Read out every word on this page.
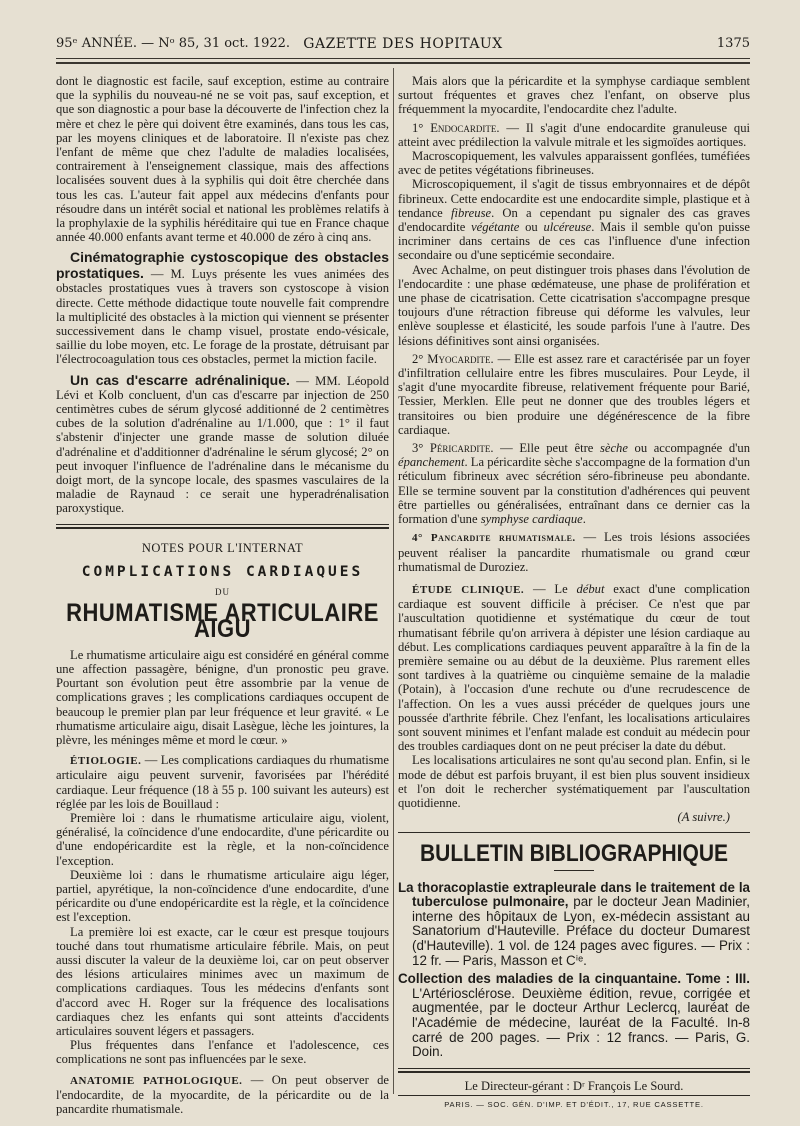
95ᵉ ANNÉE. — Nᵒ 85, 31 oct. 1922. GAZETTE DES HOPITAUX	1375

dont le diagnostic est facile, sauf exception, estime au contraire que la syphilis du nouveau-né ne se voit pas, sauf exception, et que son diagnostic a pour base la découverte de l'infection chez la mère et chez le père qui doivent être examinés, dans tous les cas, par les moyens cliniques et de laboratoire. Il n'existe pas chez l'enfant de même que chez l'adulte de maladies localisées, contrairement à l'enseignement classique, mais des affections localisées souvent dues à la syphilis qui doit être cherchée dans tous les cas. L'auteur fait appel aux médecins d'enfants pour résoudre dans un intérêt social et national les problèmes relatifs à la prophylaxie de la syphilis héréditaire qui tue en France chaque année 40.000 enfants avant terme et 40.000 de zéro à cinq ans.

Cinématographie cystoscopique des obstacles prostatiques. — M. Luys présente les vues animées des obstacles prostatiques vues à travers son cystoscope à vision directe. Cette méthode didactique toute nouvelle fait comprendre la multiplicité des obstacles à la miction qui viennent se présenter successivement dans le champ visuel, prostate endo-vésicale, saillie du lobe moyen, etc. Le forage de la prostate, détruisant par l'électrocoagulation tous ces obstacles, permet la miction facile.

Un cas d'escarre adrénalinique. — MM. Léopold Lévi et Kolb concluent, d'un cas d'escarre par injection de 250 centimètres cubes de sérum glycosé additionné de 2 centimètres cubes de la solution d'adrénaline au 1/1.000, que : 1° il faut s'abstenir d'injecter une grande masse de solution diluée d'adrénaline et d'additionner d'adrénaline le sérum glycosé; 2° on peut invoquer l'influence de l'adrénaline dans le mécanisme du doigt mort, de la syncope locale, des spasmes vasculaires de la maladie de Raynaud : ce serait une hyperadrénalisation paroxystique.

NOTES POUR L'INTERNAT
COMPLICATIONS CARDIAQUES
DU
RHUMATISME ARTICULAIRE AIGU

Le rhumatisme articulaire aigu est considéré en général comme une affection passagère, bénigne, d'un pronostic peu grave. Pourtant son évolution peut être assombrie par la venue de complications graves ; les complications cardiaques occupent de beaucoup le premier plan par leur fréquence et leur gravité. « Le rhumatisme articulaire aigu, disait Lasègue, lèche les jointures, la plèvre, les méninges même et mord le cœur. »

ÉTIOLOGIE. — Les complications cardiaques du rhumatisme articulaire aigu peuvent survenir, favorisées par l'hérédité cardiaque. Leur fréquence (18 à 55 p. 100 suivant les auteurs) est réglée par les lois de Bouillaud :

Première loi : dans le rhumatisme articulaire aigu, violent, généralisé, la coïncidence d'une endocardite, d'une péricardite ou d'une endopéricardite est la règle, et la non-coïncidence l'exception.

Deuxième loi : dans le rhumatisme articulaire aigu léger, partiel, apyrétique, la non-coïncidence d'une endocardite, d'une péricardite ou d'une endopéricardite est la règle, et la coïncidence est l'exception.

La première loi est exacte, car le cœur est presque toujours touché dans tout rhumatisme articulaire fébrile. Mais, on peut aussi discuter la valeur de la deuxième loi, car on peut observer des lésions articulaires minimes avec un maximum de complications cardiaques. Tous les médecins d'enfants sont d'accord avec H. Roger sur la fréquence des localisations cardiaques chez les enfants qui sont atteints d'accidents articulaires souvent légers et passagers.

Plus fréquentes dans l'enfance et l'adolescence, ces complications ne sont pas influencées par le sexe.

ANATOMIE PATHOLOGIQUE. — On peut observer de l'endocardite, de la myocardite, de la péricardite ou de la pancardite rhumatismale.

Mais alors que la péricardite et la symphyse cardiaque semblent surtout fréquentes et graves chez l'enfant, on observe plus fréquemment la myocardite, l'endocardite chez l'adulte.

1° Endocardite. — Il s'agit d'une endocardite granuleuse qui atteint avec prédilection la valvule mitrale et les sigmoïdes aortiques.

Macroscopiquement, les valvules apparaissent gonflées, tuméfiées avec de petites végétations fibrineuses.

Microscopiquement, il s'agit de tissus embryonnaires et de dépôt fibrineux. Cette endocardite est une endocardite simple, plastique et à tendance fibreuse. On a cependant pu signaler des cas graves d'endocardite végétante ou ulcéreuse. Mais il semble qu'on puisse incriminer dans certains de ces cas l'influence d'une infection secondaire ou d'une septicémie secondaire.

Avec Achalme, on peut distinguer trois phases dans l'évolution de l'endocardite : une phase œdémateuse, une phase de prolifération et une phase de cicatrisation. Cette cicatrisation s'accompagne presque toujours d'une rétraction fibreuse qui déforme les valvules, leur enlève souplesse et élasticité, les soude parfois l'une à l'autre. Des lésions définitives sont ainsi organisées.

2° Myocardite. — Elle est assez rare et caractérisée par un foyer d'infiltration cellulaire entre les fibres musculaires. Pour Leyde, il s'agit d'une myocardite fibreuse, relativement fréquente pour Barié, Tessier, Merklen. Elle peut ne donner que des troubles légers et transitoires ou bien produire une dégénérescence de la fibre cardiaque.

3° Péricardite. — Elle peut être sèche ou accompagnée d'un épanchement. La péricardite sèche s'accompagne de la formation d'un réticulum fibrineux avec sécrétion séro-fibrineuse peu abondante. Elle se termine souvent par la constitution d'adhérences qui peuvent être partielles ou généralisées, entraînant dans ce dernier cas la formation d'une symphyse cardiaque.

4° Pancardite rhumatismale. — Les trois lésions associées peuvent réaliser la pancardite rhumatismale ou grand cœur rhumatismal de Duroziez.

ÉTUDE CLINIQUE. — Le début exact d'une complication cardiaque est souvent difficile à préciser. Ce n'est que par l'auscultation quotidienne et systématique du cœur de tout rhumatisant fébrile qu'on arrivera à dépister une lésion cardiaque au début. Les complications cardiaques peuvent apparaître à la fin de la première semaine ou au début de la deuxième. Plus rarement elles sont tardives à la quatrième ou cinquième semaine de la maladie (Potain), à l'occasion d'une rechute ou d'une recrudescence de l'affection. On les a vues aussi précéder de quelques jours une poussée d'arthrite fébrile. Chez l'enfant, les localisations articulaires sont souvent minimes et l'enfant malade est conduit au médecin pour des troubles cardiaques dont on ne peut préciser la date du début.

Les localisations articulaires ne sont qu'au second plan. Enfin, si le mode de début est parfois bruyant, il est bien plus souvent insidieux et l'on doit le rechercher systématiquement par l'auscultation quotidienne.

(A suivre.)

BULLETIN BIBLIOGRAPHIQUE

La thoracoplastie extrapleurale dans le traitement de la tuberculose pulmonaire, par le docteur Jean Madinier, interne des hôpitaux de Lyon, ex-médecin assistant au Sanatorium d'Hauteville. Préface du docteur Dumarest (d'Hauteville). 1 vol. de 124 pages avec figures. — Prix : 12 fr. — Paris, Masson et Cⁱᵉ.

Collection des maladies de la cinquantaine. Tome : III. L'Artériosclérose. Deuxième édition, revue, corrigée et augmentée, par le docteur Arthur Leclercq, lauréat de l'Académie de médecine, lauréat de la Faculté. In-8 carré de 200 pages. — Prix : 12 francs. — Paris, G. Doin.

Le Directeur-gérant : Dʳ François Le Sourd.
PARIS. — SOC. GÉN. D'IMP. ET D'ÉDIT., 17, RUE CASSETTE.
